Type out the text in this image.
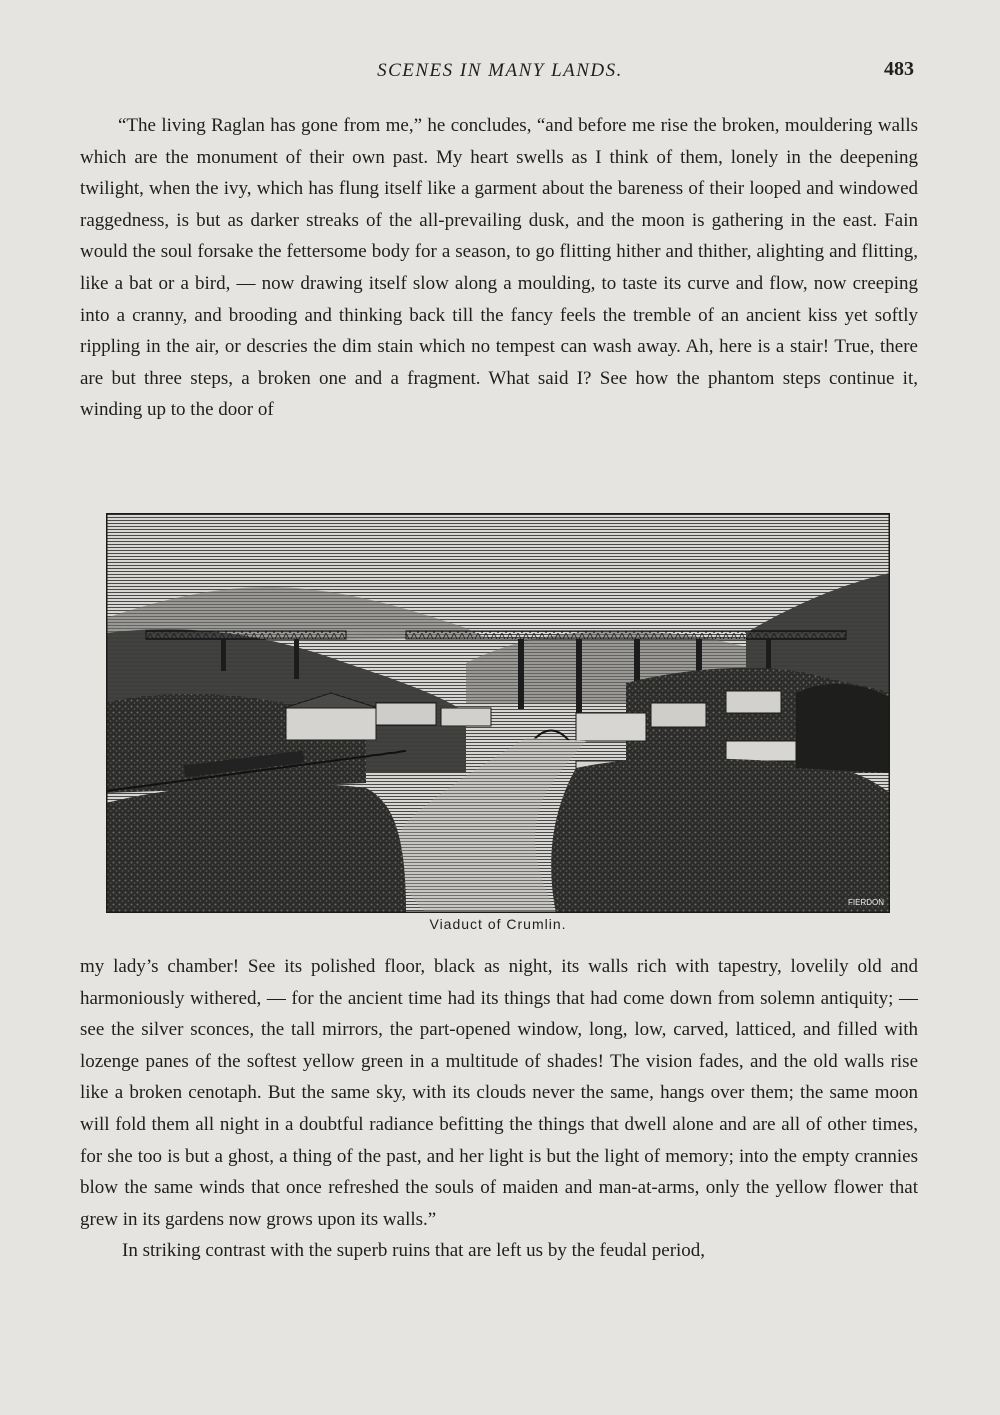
SCENES IN MANY LANDS.	483

“The living Raglan has gone from me,” he concludes, “and before me rise the broken, mouldering walls which are the monument of their own past. My heart swells as I think of them, lonely in the deepening twilight, when the ivy, which has flung itself like a garment about the bareness of their looped and windowed raggedness, is but as darker streaks of the all-prevailing dusk, and the moon is gathering in the east. Fain would the soul forsake the fettersome body for a season, to go flitting hither and thither, alighting and flitting, like a bat or a bird, — now drawing itself slow along a moulding, to taste its curve and flow, now creeping into a cranny, and brooding and thinking back till the fancy feels the tremble of an ancient kiss yet softly rippling in the air, or descries the dim stain which no tempest can wash away. Ah, here is a stair! True, there are but three steps, a broken one and a fragment. What said I? See how the phantom steps continue it, winding up to the door of

FIERDON
Viaduct of Crumlin.

my lady’s chamber! See its polished floor, black as night, its walls rich with tapestry, lovelily old and harmoniously withered, — for the ancient time had its things that had come down from solemn antiquity; — see the silver sconces, the tall mirrors, the part-opened window, long, low, carved, latticed, and filled with lozenge panes of the softest yellow green in a multitude of shades! The vision fades, and the old walls rise like a broken cenotaph. But the same sky, with its clouds never the same, hangs over them; the same moon will fold them all night in a doubtful radiance befitting the things that dwell alone and are all of other times, for she too is but a ghost, a thing of the past, and her light is but the light of memory; into the empty crannies blow the same winds that once refreshed the souls of maiden and man-at-arms, only the yellow flower that grew in its gardens now grows upon its walls.”

In striking contrast with the superb ruins that are left us by the feudal period,
